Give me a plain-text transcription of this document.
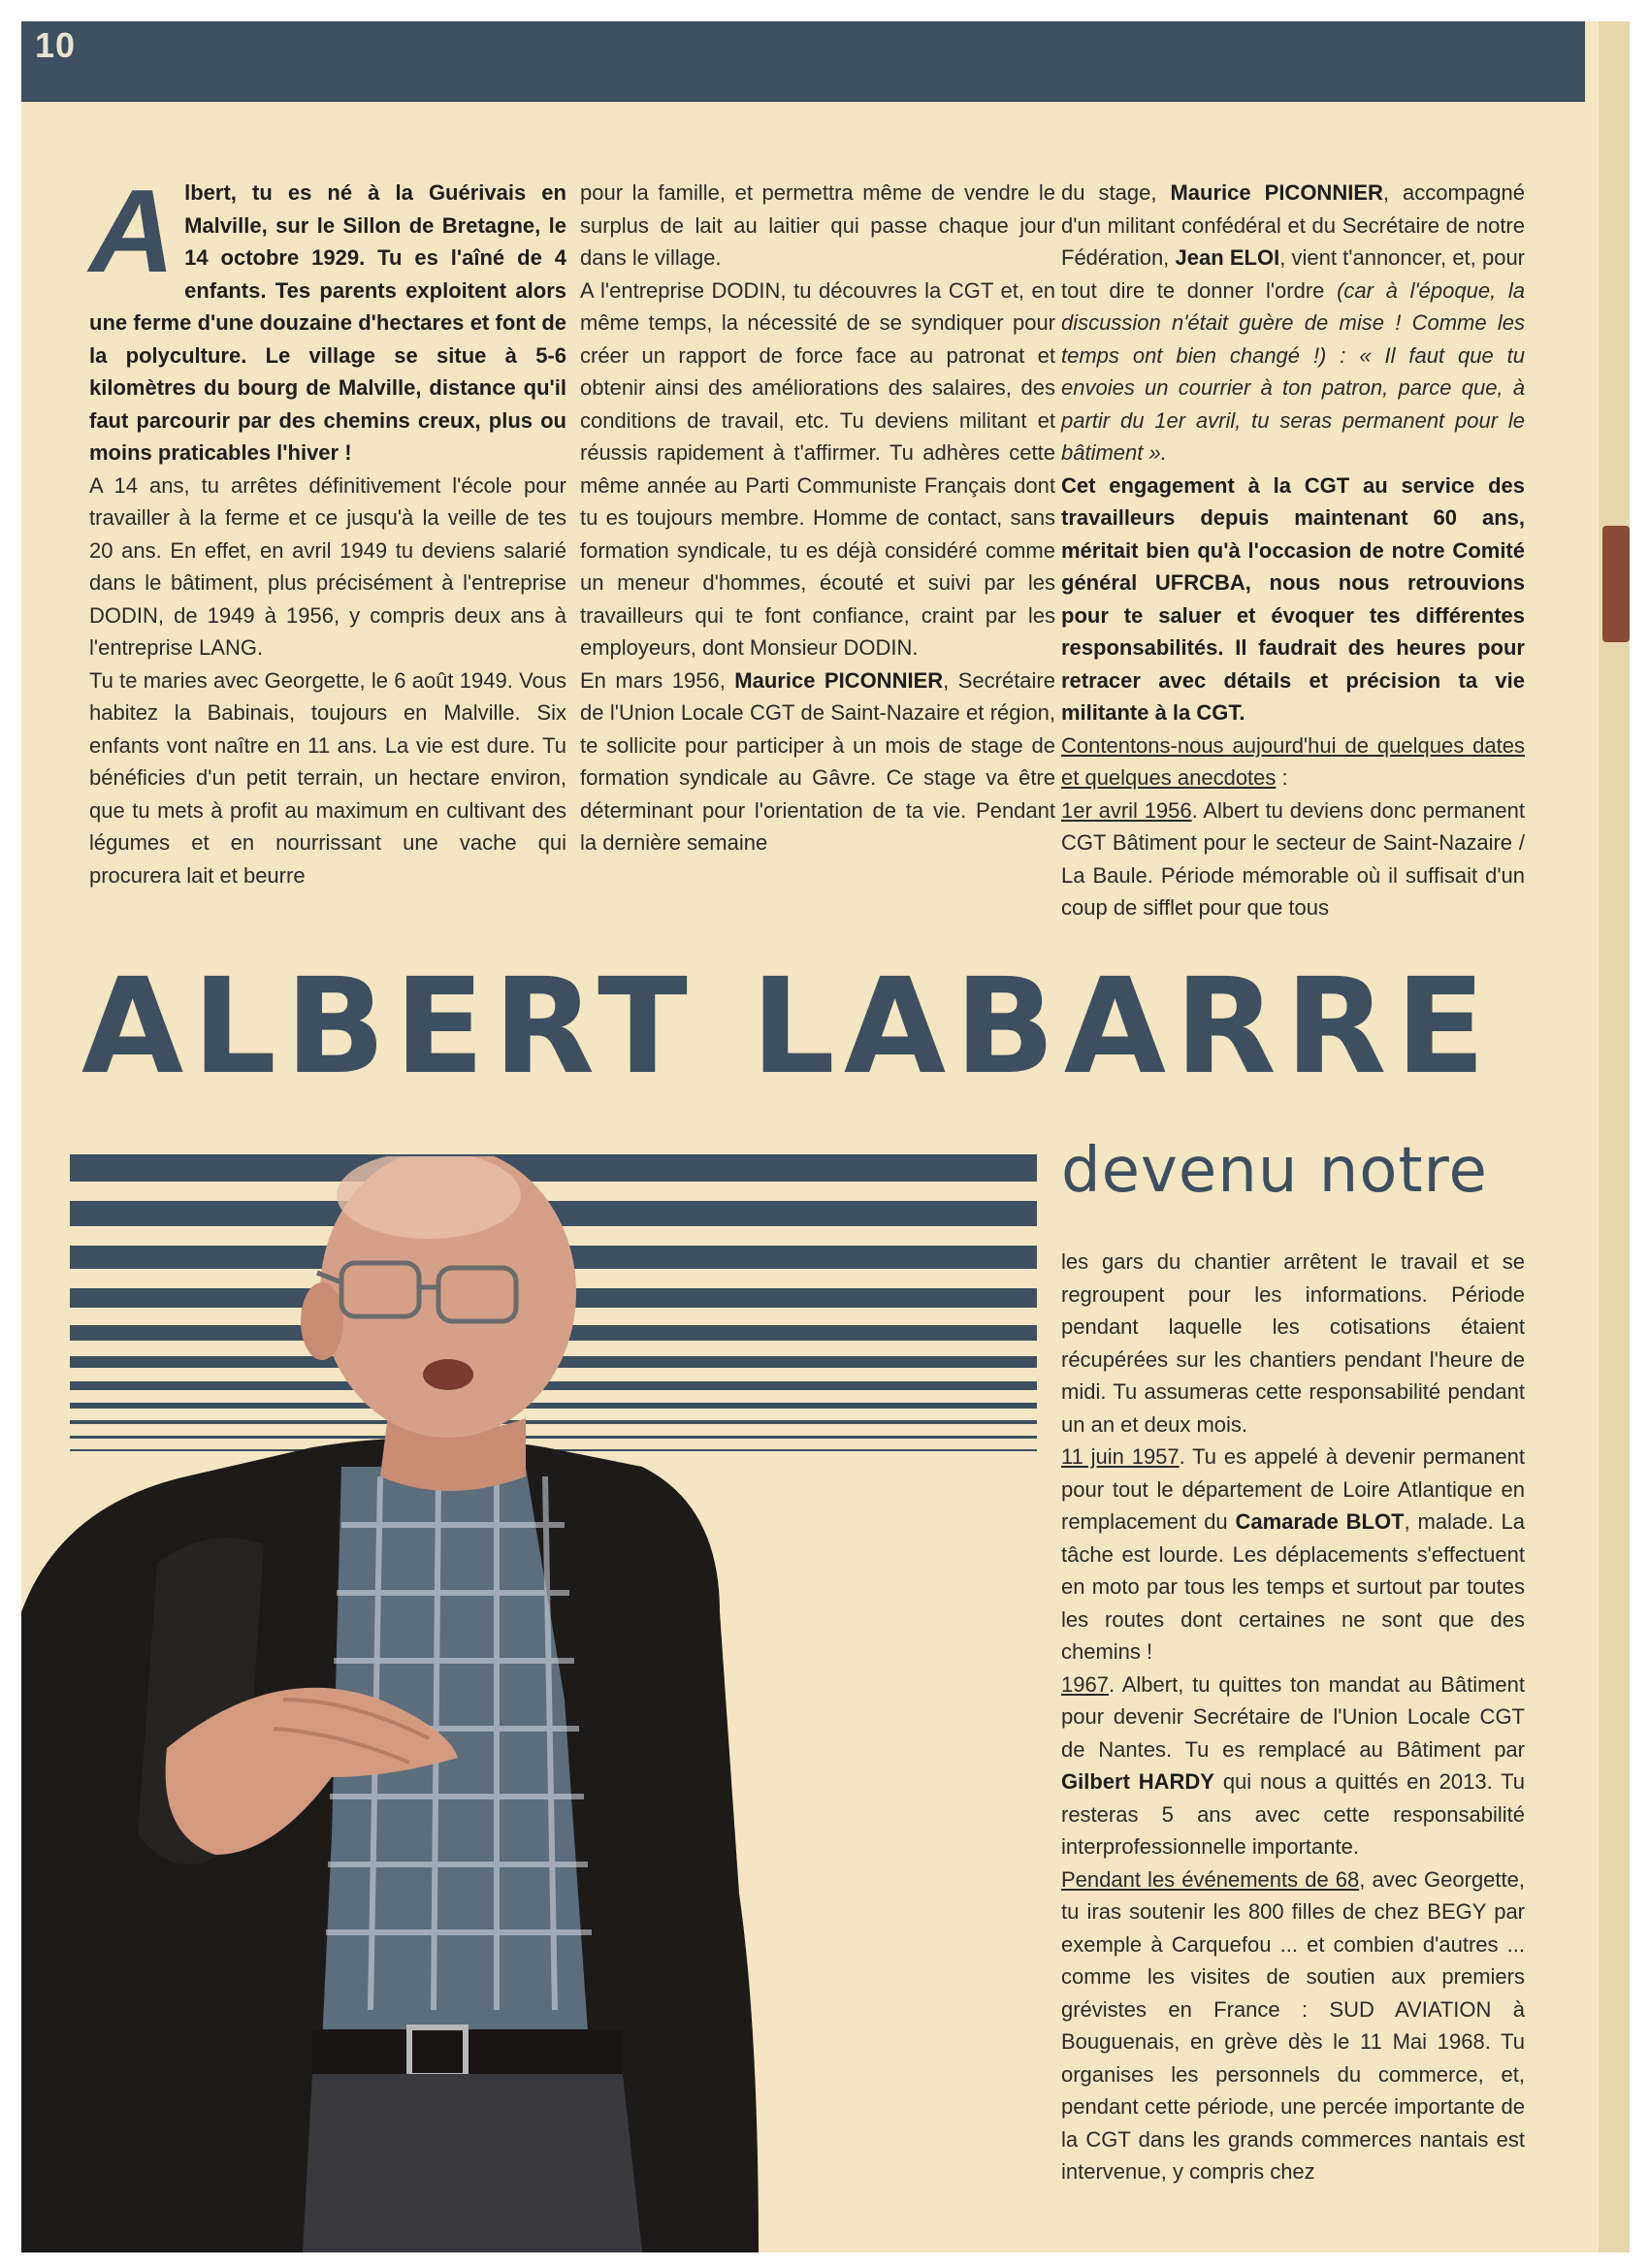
10

Albert, tu es né à la Guérivais en Malville, sur le Sillon de Bretagne, le 14 octobre 1929. Tu es l'aîné de 4 enfants. Tes parents exploitent alors une ferme d'une douzaine d'hectares et font de la polyculture. Le village se situe à 5-6 kilomètres du bourg de Malville, distance qu'il faut parcourir par des chemins creux, plus ou moins praticables l'hiver !

A 14 ans, tu arrêtes définitivement l'école pour travailler à la ferme et ce jusqu'à la veille de tes 20 ans. En effet, en avril 1949 tu deviens salarié dans le bâtiment, plus précisément à l'entreprise DODIN, de 1949 à 1956, y compris deux ans à l'entreprise LANG.

Tu te maries avec Georgette, le 6 août 1949. Vous habitez la Babinais, toujours en Malville. Six enfants vont naître en 11 ans. La vie est dure. Tu bénéficies d'un petit terrain, un hectare environ, que tu mets à profit au maximum en cultivant des légumes et en nourrissant une vache qui procurera lait et beurre

pour la famille, et permettra même de vendre le surplus de lait au laitier qui passe chaque jour dans le village.

A l'entreprise DODIN, tu découvres la CGT et, en même temps, la nécessité de se syndiquer pour créer un rapport de force face au patronat et obtenir ainsi des améliorations des salaires, des conditions de travail, etc. Tu deviens militant et réussis rapidement à t'affirmer. Tu adhères cette même année au Parti Communiste Français dont tu es toujours membre. Homme de contact, sans formation syndicale, tu es déjà considéré comme un meneur d'hommes, écouté et suivi par les travailleurs qui te font confiance, craint par les employeurs, dont Monsieur DODIN.

En mars 1956, Maurice PICONNIER, Secrétaire de l'Union Locale CGT de Saint-Nazaire et région, te sollicite pour participer à un mois de stage de formation syndicale au Gâvre. Ce stage va être déterminant pour l'orientation de ta vie. Pendant la dernière semaine

du stage, Maurice PICONNIER, accompagné d'un militant confédéral et du Secrétaire de notre Fédération, Jean ELOI, vient t'annoncer, et, pour tout dire te donner l'ordre (car à l'époque, la discussion n'était guère de mise ! Comme les temps ont bien changé !) : « Il faut que tu envoies un courrier à ton patron, parce que, à partir du 1er avril, tu seras permanent pour le bâtiment ».

Cet engagement à la CGT au service des travailleurs depuis maintenant 60 ans, méritait bien qu'à l'occasion de notre Comité général UFRCBA, nous nous retrouvions pour te saluer et évoquer tes différentes responsabilités. Il faudrait des heures pour retracer avec détails et précision ta vie militante à la CGT.

Contentons-nous aujourd'hui de quelques dates et quelques anecdotes :

1er avril 1956. Albert tu deviens donc permanent CGT Bâtiment pour le secteur de Saint-Nazaire / La Baule. Période mémorable où il suffisait d'un coup de sifflet pour que tous

ALBERT LABARRE
devenu notre

les gars du chantier arrêtent le travail et se regroupent pour les informations. Période pendant laquelle les cotisations étaient récupérées sur les chantiers pendant l'heure de midi. Tu assumeras cette responsabilité pendant un an et deux mois.

11 juin 1957. Tu es appelé à devenir permanent pour tout le département de Loire Atlantique en remplacement du Camarade BLOT, malade. La tâche est lourde. Les déplacements s'effectuent en moto par tous les temps et surtout par toutes les routes dont certaines ne sont que des chemins !

1967. Albert, tu quittes ton mandat au Bâtiment pour devenir Secrétaire de l'Union Locale CGT de Nantes. Tu es remplacé au Bâtiment par Gilbert HARDY qui nous a quittés en 2013. Tu resteras 5 ans avec cette responsabilité interprofessionnelle importante.

Pendant les événements de 68, avec Georgette, tu iras soutenir les 800 filles de chez BEGY par exemple à Carquefou ... et combien d'autres ... comme les visites de soutien aux premiers grévistes en France : SUD AVIATION à Bouguenais, en grève dès le 11 Mai 1968. Tu organises les personnels du commerce, et, pendant cette période, une percée importante de la CGT dans les grands commerces nantais est intervenue, y compris chez
